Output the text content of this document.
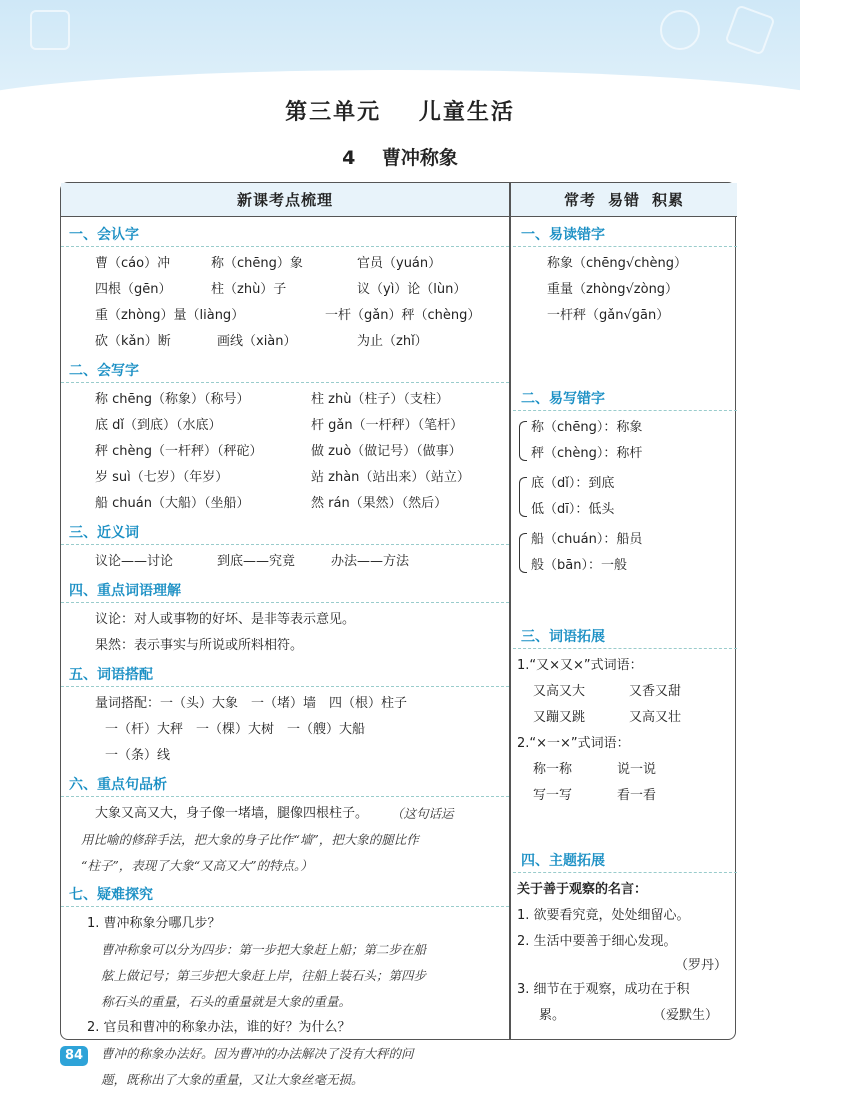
第三单元 儿童生活
4 曹冲称象
新课考点梳理	常考 易错 积累
一、会认字
曹（cáo）冲	称（chēng）象	官员（yuán）
四根（gēn）	柱（zhù）子	议（yì）论（lùn）
重（zhòng）量（liàng）	一杆（gǎn）秤（chèng）
砍（kǎn）断	画线（xiàn）	为止（zhǐ）
二、会写字
称 chēng（称象）（称号）	柱 zhù（柱子）（支柱）
底 dǐ（到底）（水底）	杆 gǎn（一杆秤）（笔杆）
秤 chèng（一杆秤）（秤砣）	做 zuò（做记号）（做事）
岁 suì（七岁）（年岁）	站 zhàn（站出来）（站立）
船 chuán（大船）（坐船）	然 rán（果然）（然后）
三、近义词
议论——讨论	到底——究竟	办法——方法
四、重点词语理解
议论：对人或事物的好坏、是非等表示意见。
果然：表示事实与所说或所料相符。
五、词语搭配
量词搭配：一（头）大象　一（堵）墙　四（根）柱子
一（杆）大秤　一（棵）大树　一（艘）大船
一（条）线
六、重点句品析
大象又高又大，身子像一堵墙，腿像四根柱子。 （这句话运
用比喻的修辞手法，把大象的身子比作“墙”，把大象的腿比作
“柱子”，表现了大象“又高又大”的特点。）
七、疑难探究
1. 曹冲称象分哪几步？
曹冲称象可以分为四步：第一步把大象赶上船；第二步在船
舷上做记号；第三步把大象赶上岸，往船上装石头；第四步
称石头的重量，石头的重量就是大象的重量。
2. 官员和曹冲的称象办法，谁的好？为什么？
曹冲的称象办法好。因为曹冲的办法解决了没有大秤的问
题，既称出了大象的重量，又让大象丝毫无损。
一、易读错字
称象（chēng√chèng）
重量（zhòng√zòng）
一杆秤（gǎn√gān）
二、易写错字
称（chēng）：称象
秤（chèng）：称杆
底（dǐ）：到底
低（dī）：低头
船（chuán）：船员
般（bān）：一般
三、词语拓展
1.“又×又×”式词语：
又高又大	又香又甜
又蹦又跳	又高又壮
2.“×一×”式词语：
称一称	说一说
写一写	看一看
四、主题拓展
关于善于观察的名言：
1. 欲要看究竟，处处细留心。
2. 生活中要善于细心发现。
（罗丹）
3. 细节在于观察，成功在于积
累。	（爱默生）
84
